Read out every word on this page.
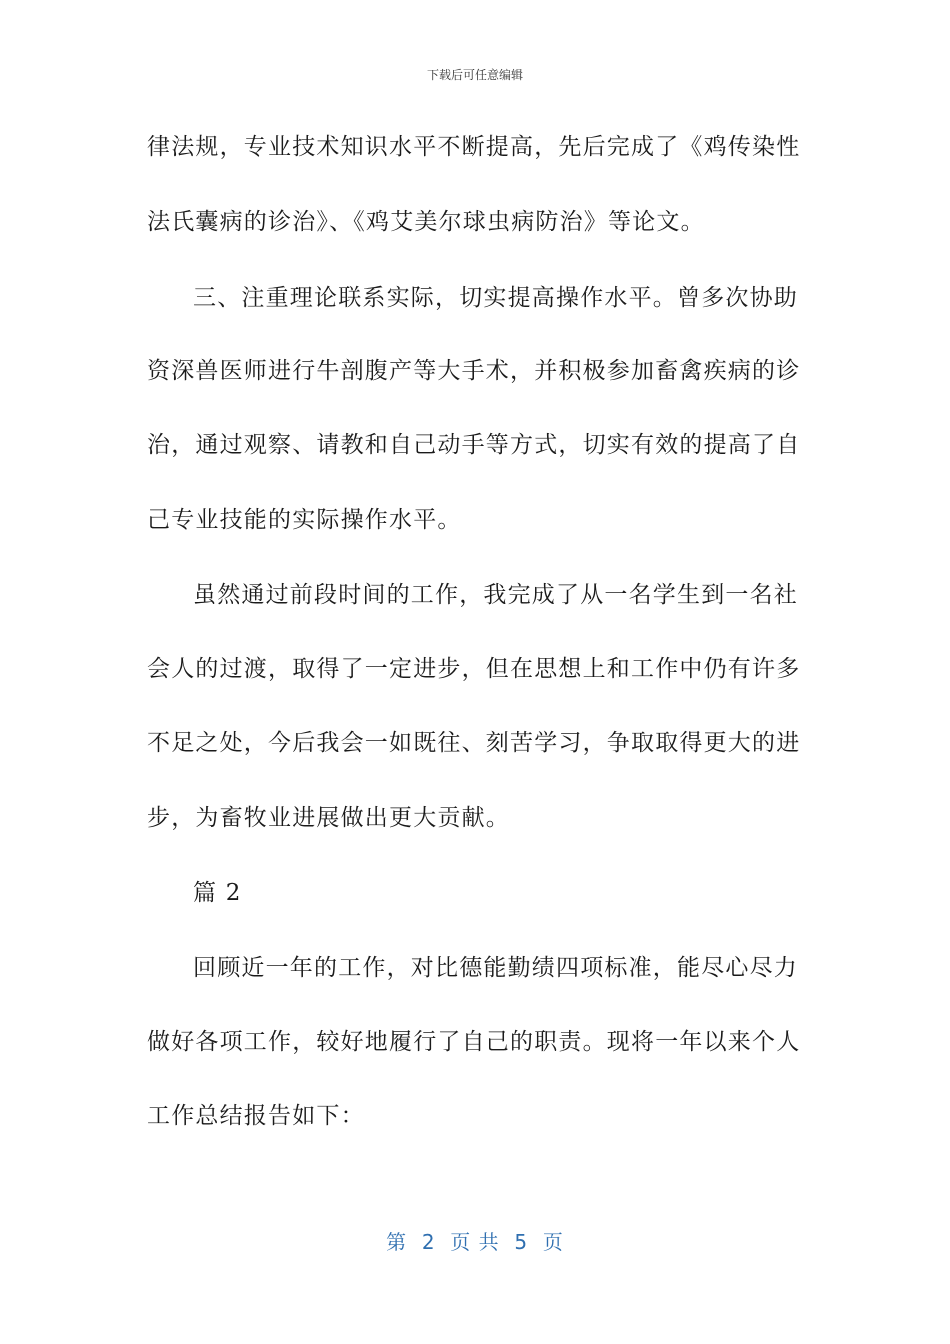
下载后可任意编辑
律法规，专业技术知识水平不断提高，先后完成了《鸡传染性
法氏囊病的诊治》、《鸡艾美尔球虫病防治》等论文。
三、注重理论联系实际，切实提高操作水平。曾多次协助
资深兽医师进行牛剖腹产等大手术，并积极参加畜禽疾病的诊
治，通过观察、请教和自己动手等方式，切实有效的提高了自
己专业技能的实际操作水平。
虽然通过前段时间的工作，我完成了从一名学生到一名社
会人的过渡，取得了一定进步，但在思想上和工作中仍有许多
不足之处，今后我会一如既往、刻苦学习，争取取得更大的进
步，为畜牧业进展做出更大贡献。
篇 2
回顾近一年的工作，对比德能勤绩四项标准，能尽心尽力
做好各项工作，较好地履行了自己的职责。现将一年以来个人
工作总结报告如下：
第  2  页 共  5  页
